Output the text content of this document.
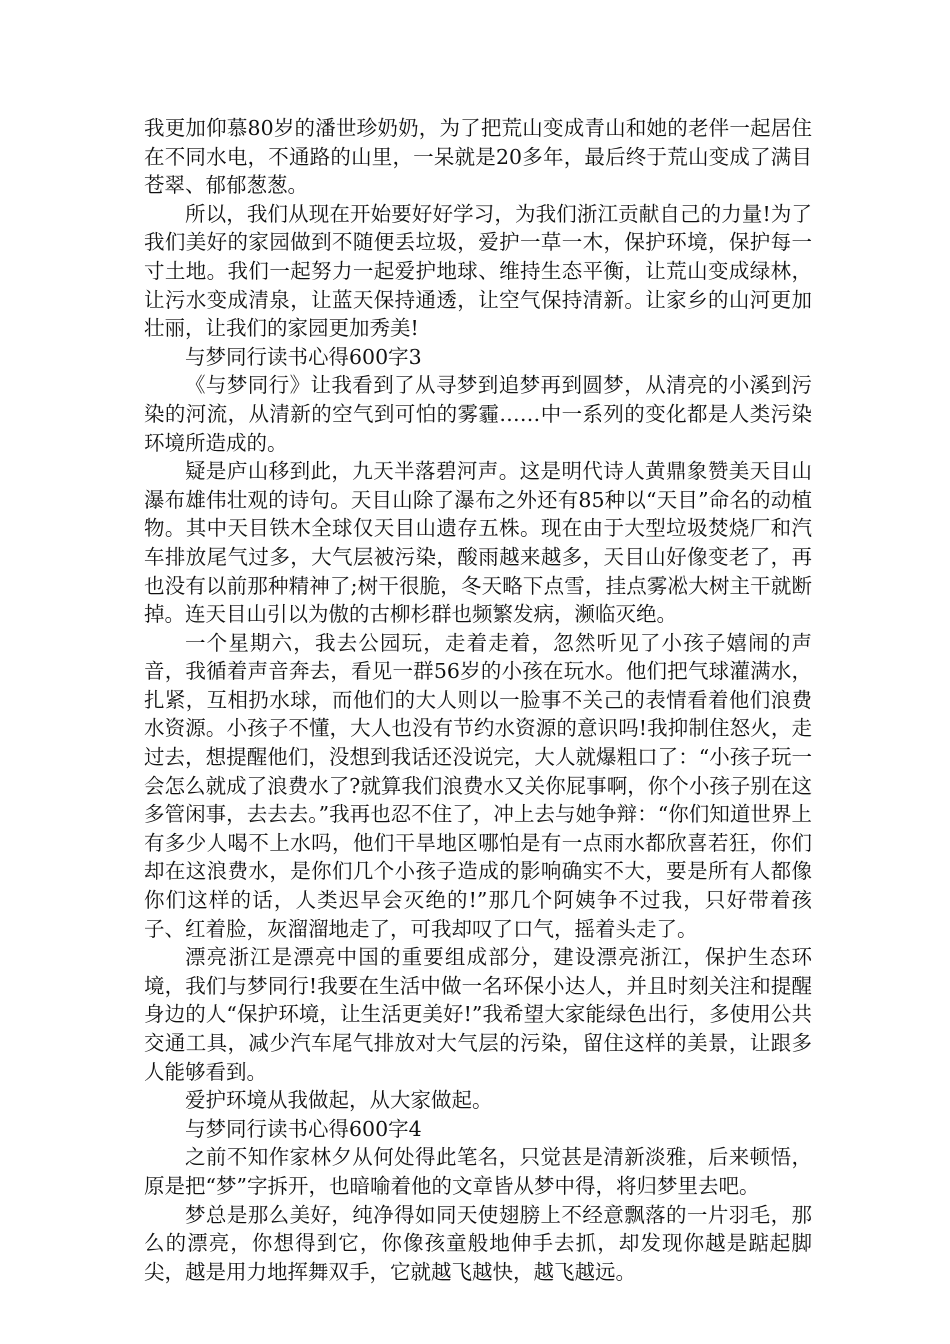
我更加仰慕80岁的潘世珍奶奶，为了把荒山变成青山和她的老伴一起居住在不同水电，不通路的山里，一呆就是20多年，最后终于荒山变成了满目苍翠、郁郁葱葱。

所以，我们从现在开始要好好学习，为我们浙江贡献自己的力量!为了我们美好的家园做到不随便丢垃圾，爱护一草一木，保护环境，保护每一寸土地。我们一起努力一起爱护地球、维持生态平衡，让荒山变成绿林，让污水变成清泉，让蓝天保持通透，让空气保持清新。让家乡的山河更加壮丽，让我们的家园更加秀美!

与梦同行读书心得600字3

《与梦同行》让我看到了从寻梦到追梦再到圆梦，从清亮的小溪到污染的河流，从清新的空气到可怕的雾霾……中一系列的变化都是人类污染环境所造成的。

疑是庐山移到此，九天半落碧河声。这是明代诗人黄鼎象赞美天目山瀑布雄伟壮观的诗句。天目山除了瀑布之外还有85种以“天目”命名的动植物。其中天目铁木全球仅天目山遗存五株。现在由于大型垃圾焚烧厂和汽车排放尾气过多，大气层被污染，酸雨越来越多，天目山好像变老了，再也没有以前那种精神了;树干很脆，冬天略下点雪，挂点雾凇大树主干就断掉。连天目山引以为傲的古柳杉群也频繁发病，濒临灭绝。

一个星期六，我去公园玩，走着走着，忽然听见了小孩子嬉闹的声音，我循着声音奔去，看见一群56岁的小孩在玩水。他们把气球灌满水，扎紧，互相扔水球，而他们的大人则以一脸事不关己的表情看着他们浪费水资源。小孩子不懂，大人也没有节约水资源的意识吗!我抑制住怒火，走过去，想提醒他们，没想到我话还没说完，大人就爆粗口了：“小孩子玩一会怎么就成了浪费水了?就算我们浪费水又关你屁事啊，你个小孩子别在这多管闲事，去去去。”我再也忍不住了，冲上去与她争辩：“你们知道世界上有多少人喝不上水吗，他们干旱地区哪怕是有一点雨水都欣喜若狂，你们却在这浪费水，是你们几个小孩子造成的影响确实不大，要是所有人都像你们这样的话，人类迟早会灭绝的!”那几个阿姨争不过我，只好带着孩子、红着脸，灰溜溜地走了，可我却叹了口气，摇着头走了。

漂亮浙江是漂亮中国的重要组成部分，建设漂亮浙江，保护生态环境，我们与梦同行!我要在生活中做一名环保小达人，并且时刻关注和提醒身边的人“保护环境，让生活更美好!”我希望大家能绿色出行，多使用公共交通工具，减少汽车尾气排放对大气层的污染，留住这样的美景，让跟多人能够看到。

爱护环境从我做起，从大家做起。

与梦同行读书心得600字4

之前不知作家林夕从何处得此笔名，只觉甚是清新淡雅，后来顿悟，原是把“梦”字拆开，也暗喻着他的文章皆从梦中得，将归梦里去吧。

梦总是那么美好，纯净得如同天使翅膀上不经意飘落的一片羽毛，那么的漂亮，你想得到它，你像孩童般地伸手去抓，却发现你越是踮起脚尖，越是用力地挥舞双手，它就越飞越快，越飞越远。
